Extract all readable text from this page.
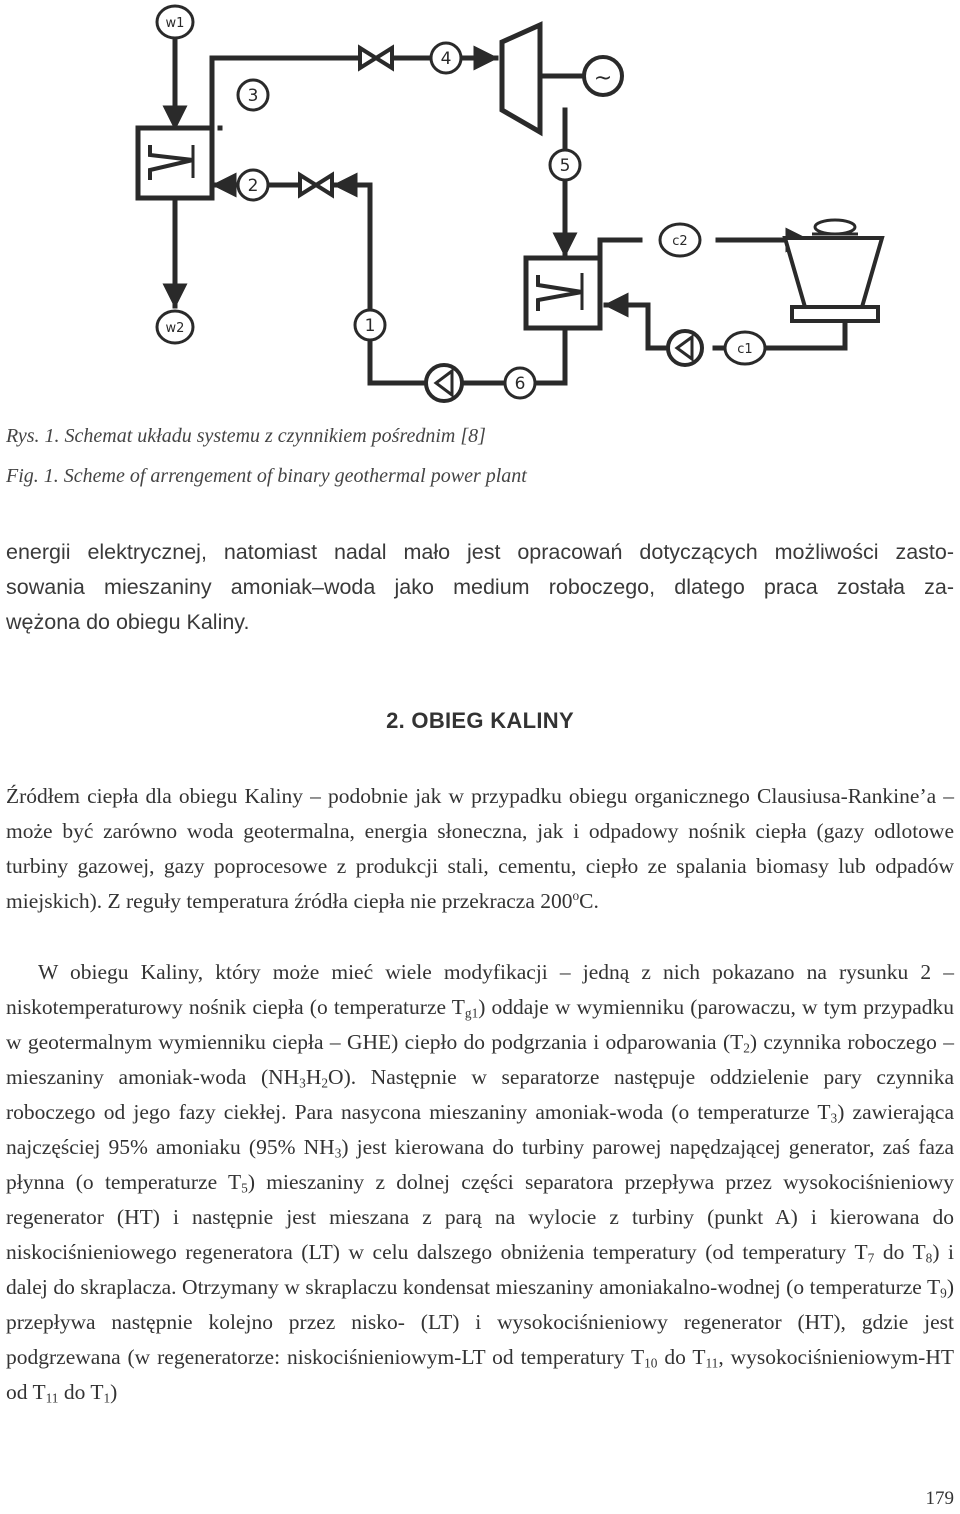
~
w1
w2
3
2
4
5
1
6
c2
c1

Rys. 1. Schemat układu systemu z czynnikiem pośrednim [8]

Fig. 1. Scheme of arrengement of binary geothermal power plant

energii elektrycznej, natomiast nadal mało jest opracowań dotyczących możliwości zasto-
sowania mieszaniny amoniak–woda jako medium roboczego, dlatego praca została za-
wężona do obiegu Kaliny.
2. OBIEG KALINY

Źródłem ciepła dla obiegu Kaliny – podobnie jak w przypadku obiegu organicznego Clausiusa-Rankine’a – może być zarówno woda geotermalna, energia słoneczna, jak i odpadowy nośnik ciepła (gazy odlotowe turbiny gazowej, gazy poprocesowe z produkcji stali, cementu, ciepło ze spalania biomasy lub odpadów miejskich). Z reguły temperatura źródła ciepła nie przekracza 200$^o$C.

W obiegu Kaliny, który może mieć wiele modyfikacji – jedną z nich pokazano na rysunku 2 – niskotemperaturowy nośnik ciepła (o temperaturze $T_{g1}$) oddaje w wymienniku (parowaczu, w tym przypadku w geotermalnym wymienniku ciepła – GHE) ciepło do podgrzania i odparowania $(T_2)$ czynnika roboczego – mieszaniny amoniak-woda $(NH_3H_2O)$. Następnie w separatorze następuje oddzielenie pary czynnika roboczego od jego fazy ciekłej. Para nasycona mieszaniny amoniak-woda (o temperaturze $T_3$) zawierająca najczęściej 95% amoniaku (95% $NH_3$) jest kierowana do turbiny parowej napędzającej generator, zaś faza płynna (o temperaturze $T_5$) mieszaniny z dolnej części separatora przepływa przez wysokociśnieniowy regenerator (HT) i następnie jest mieszana z parą na wylocie z turbiny (punkt A) i kierowana do niskociśnieniowego regeneratora (LT) w celu dalszego obniżenia temperatury (od temperatury $T_7$ do $T_8$) i dalej do skraplacza. Otrzymany w skraplaczu kondensat mieszaniny amoniakalno-wodnej (o temperaturze $T_9$) przepływa następnie kolejno przez nisko- (LT) i wysokociśnieniowy regenerator (HT), gdzie jest podgrzewana (w regeneratorze: niskociśnieniowym-LT od temperatury $T_{10}$ do $T_{11}$, wysokociśnieniowym-HT od $T_{11}$ do $T_1$)

179
